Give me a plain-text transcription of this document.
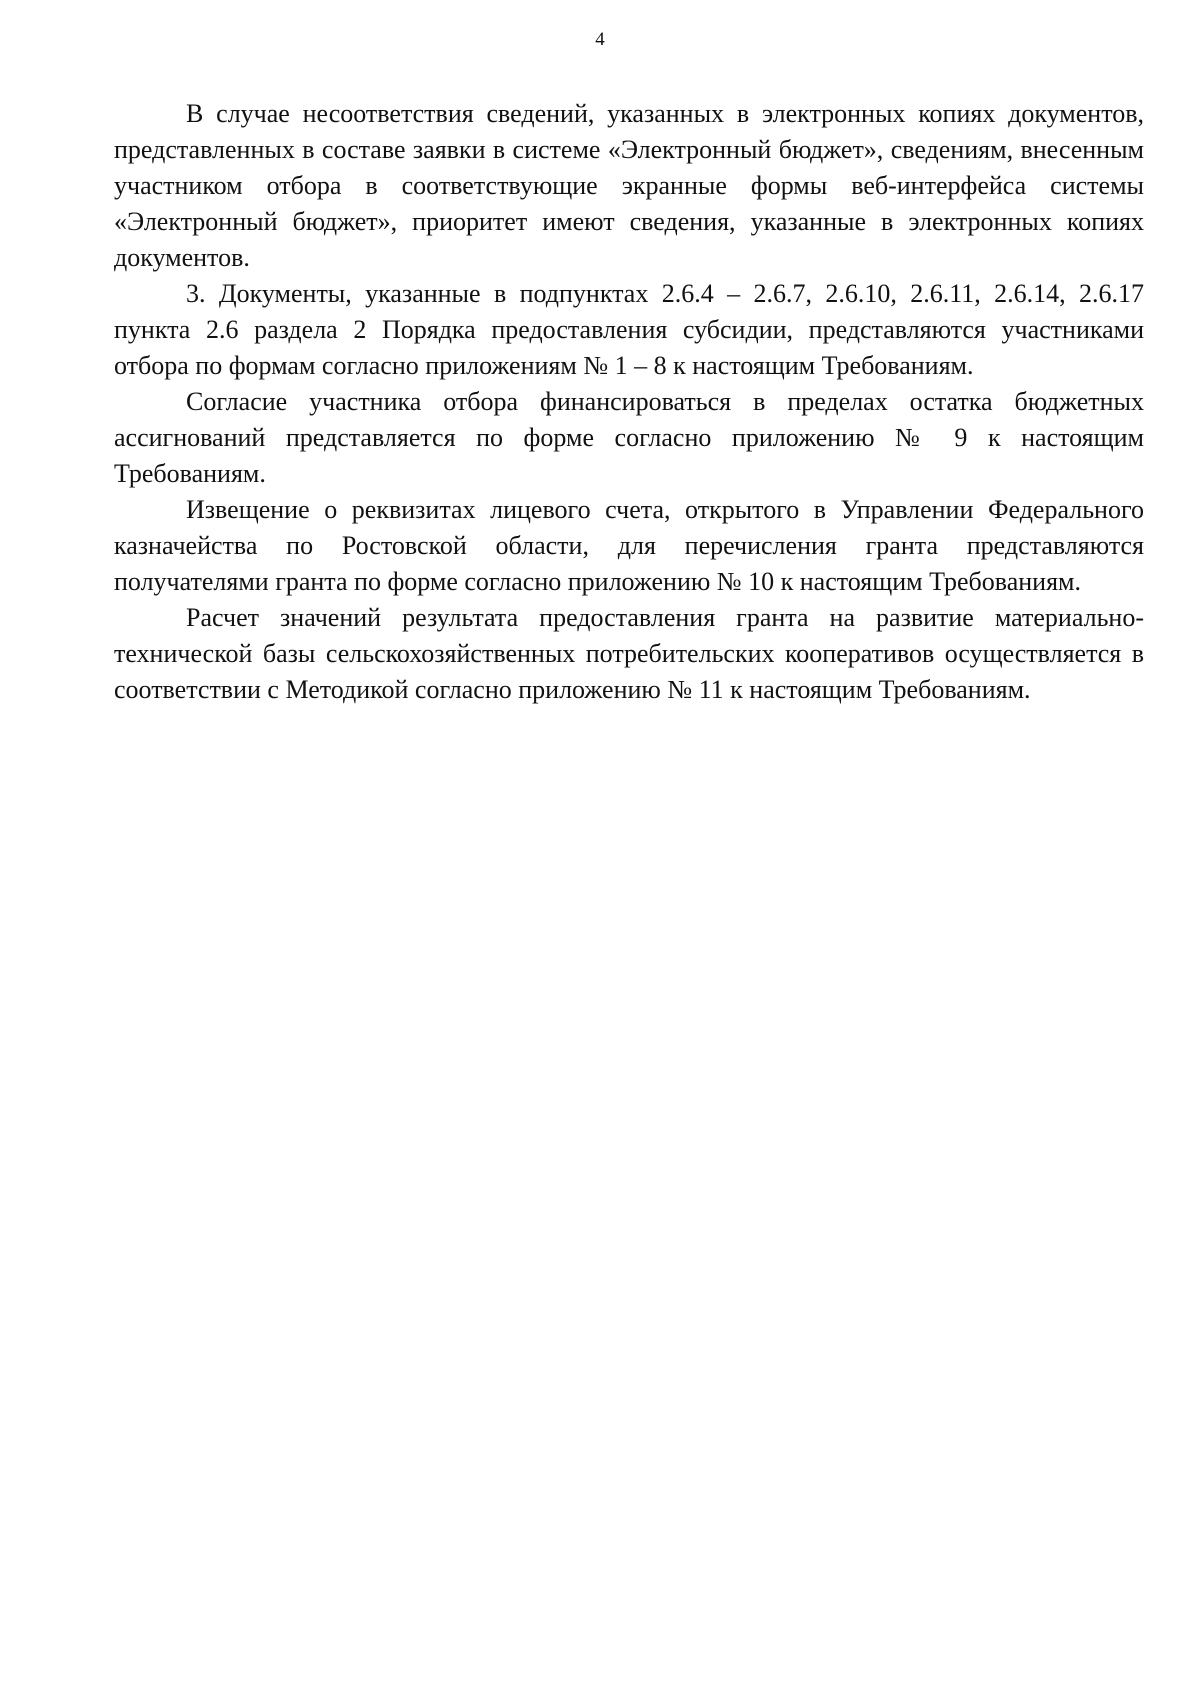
4

В случае несоответствия сведений, указанных в электронных копиях документов, представленных в составе заявки в системе «Электронный бюджет», сведениям, внесенным участником отбора в соответствующие экранные формы веб-интерфейса системы «Электронный бюджет», приоритет имеют сведения, указанные в электронных копиях документов.

3. Документы, указанные в подпунктах 2.6.4 – 2.6.7, 2.6.10, 2.6.11, 2.6.14, 2.6.17 пункта 2.6 раздела 2 Порядка предоставления субсидии, представляются участниками отбора по формам согласно приложениям № 1 – 8 к настоящим Требованиям.

Согласие участника отбора финансироваться в пределах остатка бюджетных ассигнований представляется по форме согласно приложению № 9 к настоящим Требованиям.

Извещение о реквизитах лицевого счета, открытого в Управлении Федерального казначейства по Ростовской области, для перечисления гранта представляются получателями гранта по форме согласно приложению № 10 к настоящим Требованиям.

Расчет значений результата предоставления гранта на развитие материально-технической базы сельскохозяйственных потребительских кооперативов осуществляется в соответствии с Методикой согласно приложению № 11 к настоящим Требованиям.
